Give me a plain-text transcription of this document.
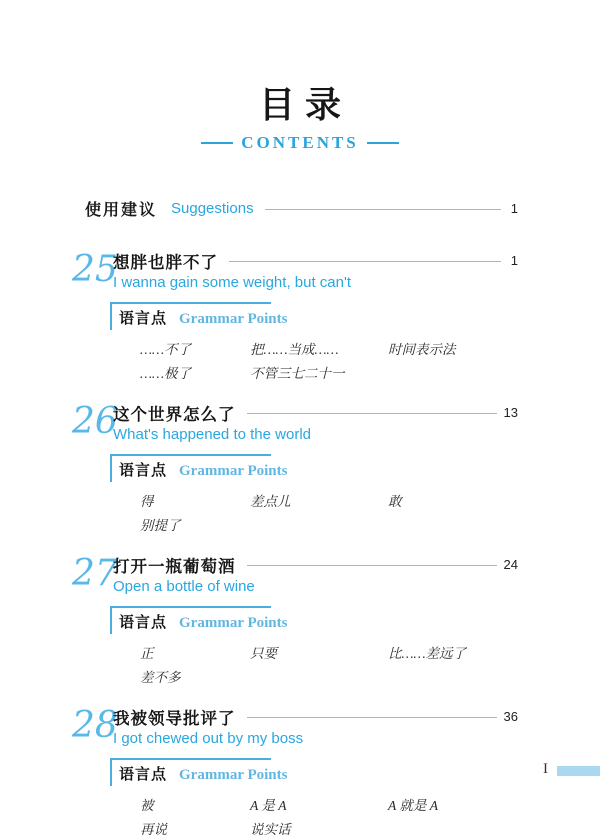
目录
CONTENTS
使用建议 Suggestions	1
25
想胖也胖不了	1
I wanna gain some weight, but can't
语言点 Grammar Points
……不了	把……当成……	时间表示法
……极了	不管三七二十一
26
这个世界怎么了	13
What's happened to the world
语言点 Grammar Points
得	差点儿	敢
别提了
27
打开一瓶葡萄酒	24
Open a bottle of wine
语言点 Grammar Points
正	只要	比……差远了
差不多
28
我被领导批评了	36
I got chewed out by my boss
语言点 Grammar Points
被	A 是 A	A 就是 A
再说	说实话
I
